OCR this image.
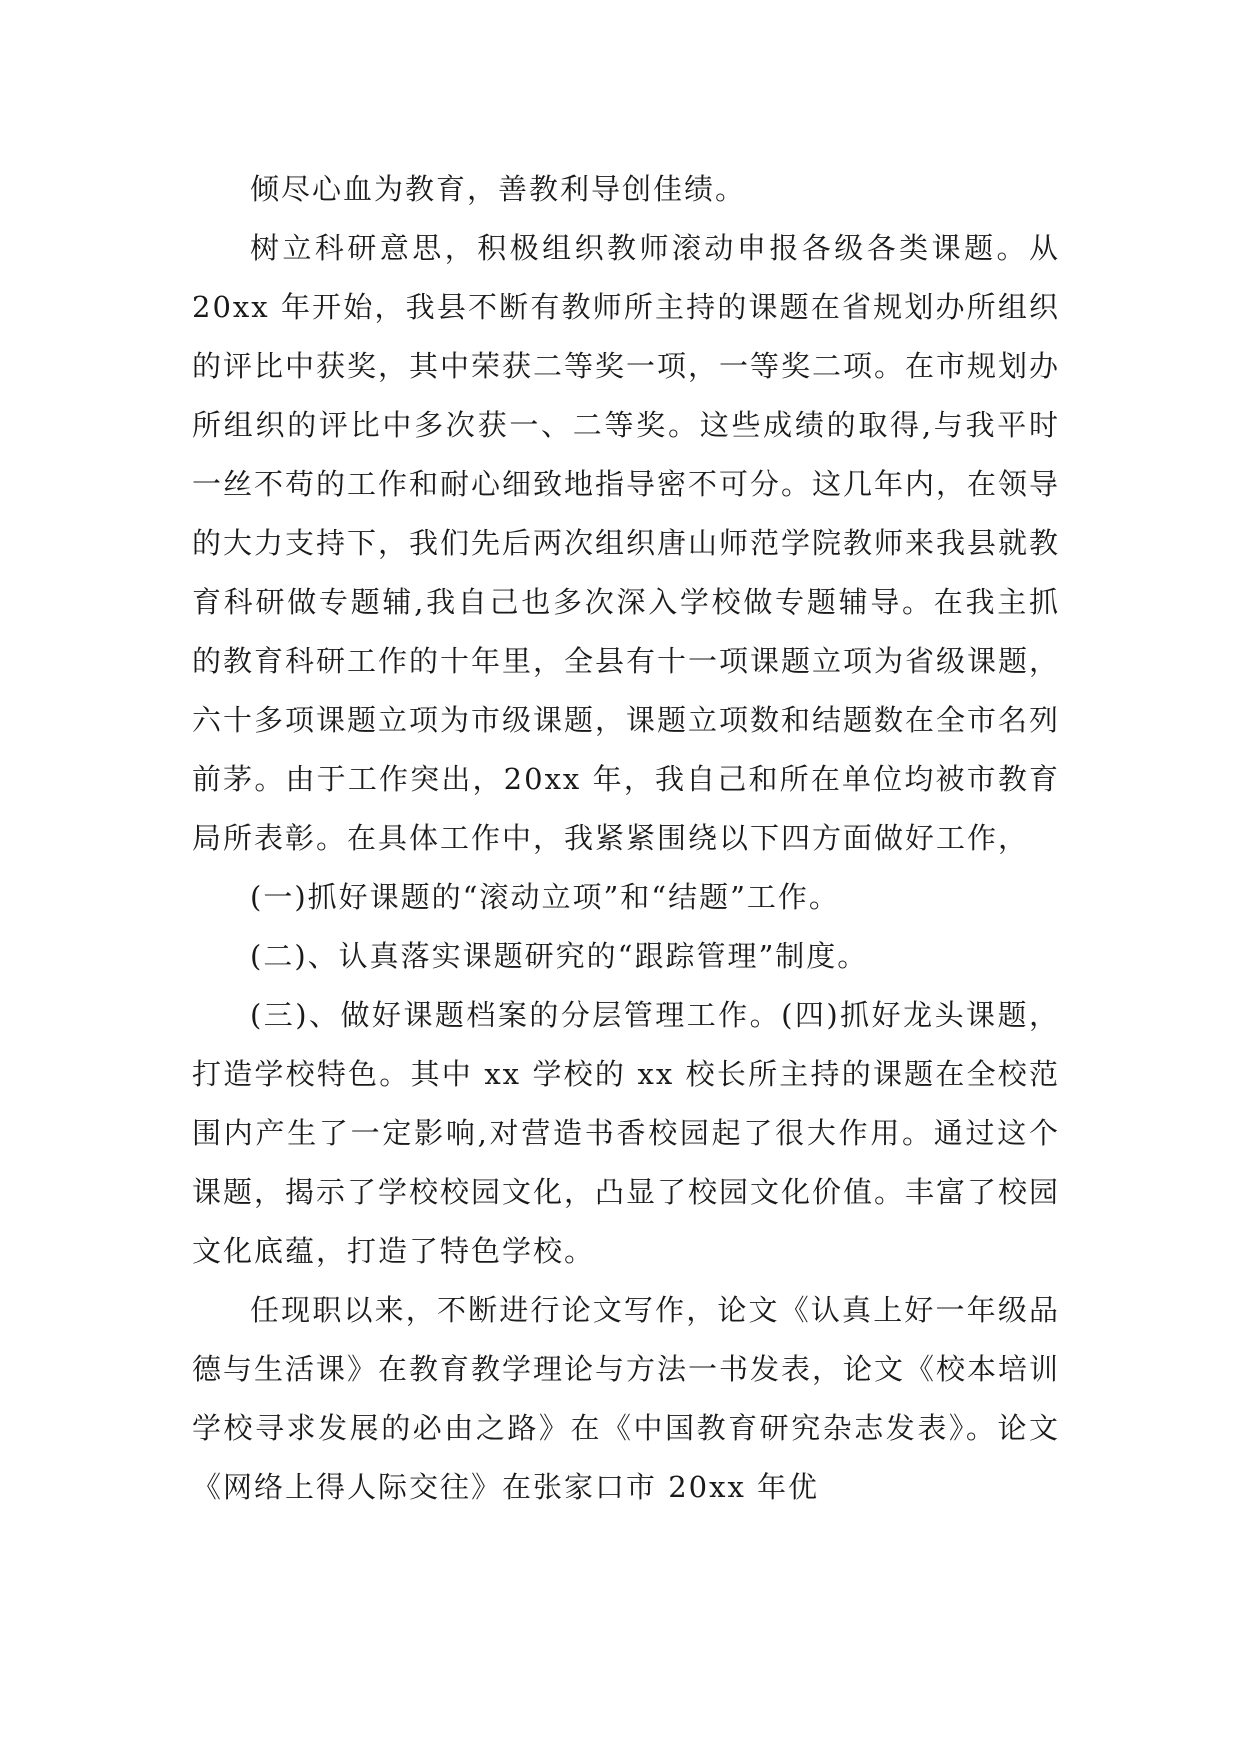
倾尽心血为教育，善教利导创佳绩。

树立科研意思，积极组织教师滚动申报各级各类课题。从 20xx 年开始，我县不断有教师所主持的课题在省规划办所组织的评比中获奖，其中荣获二等奖一项，一等奖二项。在市规划办所组织的评比中多次获一、二等奖。这些成绩的取得,与我平时一丝不苟的工作和耐心细致地指导密不可分。这几年内，在领导的大力支持下，我们先后两次组织唐山师范学院教师来我县就教育科研做专题辅,我自己也多次深入学校做专题辅导。在我主抓的教育科研工作的十年里，全县有十一项课题立项为省级课题，六十多项课题立项为市级课题，课题立项数和结题数在全市名列前茅。由于工作突出，20xx 年，我自己和所在单位均被市教育局所表彰。在具体工作中，我紧紧围绕以下四方面做好工作，

(一)抓好课题的“滚动立项”和“结题”工作。

(二)、认真落实课题研究的“跟踪管理”制度。

(三)、做好课题档案的分层管理工作。(四)抓好龙头课题，打造学校特色。其中 xx 学校的 xx 校长所主持的课题在全校范围内产生了一定影响,对营造书香校园起了很大作用。通过这个课题，揭示了学校校园文化，凸显了校园文化价值。丰富了校园文化底蕴，打造了特色学校。

任现职以来，不断进行论文写作，论文《认真上好一年级品德与生活课》在教育教学理论与方法一书发表，论文《校本培训学校寻求发展的必由之路》在《中国教育研究杂志发表》。论文《网络上得人际交往》在张家口市 20xx 年优
